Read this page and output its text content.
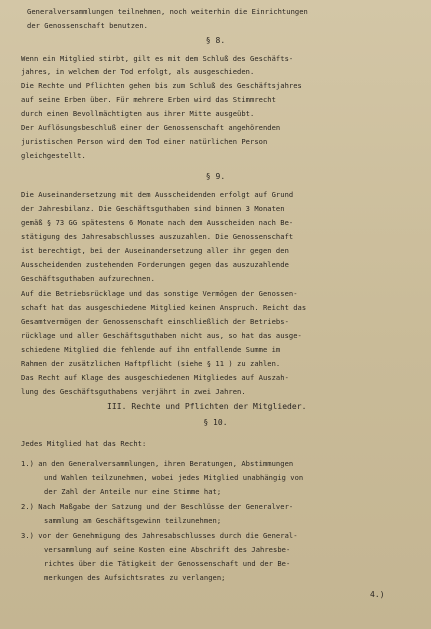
Generalversammlungen teilnehmen, noch weiterhin die Einrichtungen
der Genossenschaft benutzen.
§ 8.
Wenn ein Mitglied stirbt, gilt es mit dem Schluß des Geschäfts-
jahres, in welchem der Tod erfolgt, als ausgeschieden.
Die Rechte und Pflichten gehen bis zum Schluß des Geschäftsjahres
auf seine Erben über. Für mehrere Erben wird das Stimmrecht
durch einen Bevollmächtigten aus ihrer Mitte ausgeübt.
Der Auflösungsbeschluß einer der Genossenschaft angehörenden
juristischen Person wird dem Tod einer natürlichen Person
gleichgestellt.
§ 9.
Die Auseinandersetzung mit dem Ausscheidenden erfolgt auf Grund
der Jahresbilanz. Die Geschäftsguthaben sind binnen 3 Monaten
gemäß § 73 GG spätestens 6 Monate nach dem Ausscheiden nach Be-
stätigung des Jahresabschlusses auszuzahlen. Die Genossenschaft
ist berechtigt, bei der Auseinandersetzung aller ihr gegen den
Ausscheidenden zustehenden Forderungen gegen das auszuzahlende
Geschäftsguthaben aufzurechnen.
Auf die Betriebsrücklage und das sonstige Vermögen der Genossen-
schaft hat das ausgeschiedene Mitglied keinen Anspruch. Reicht das
Gesamtvermögen der Genossenschaft einschließlich der Betriebs-
rücklage und aller Geschäftsguthaben nicht aus, so hat das ausge-
schiedene Mitglied die fehlende auf ihn entfallende Summe im
Rahmen der zusätzlichen Haftpflicht (siehe § 11 ) zu zahlen.
Das Recht auf Klage des ausgeschiedenen Mitgliedes auf Auszah-
lung des Geschäftsguthabens verjährt in zwei Jahren.
III. Rechte und Pflichten der Mitglieder.
§ 10.
Jedes Mitglied hat das Recht:
1.) an den Generalversammlungen, ihren Beratungen, Abstimmungen
und Wahlen teilzunehmen, wobei jedes Mitglied unabhängig von
der Zahl der Anteile nur eine Stimme hat;
2.) Nach Maßgabe der Satzung und der Beschlüsse der Generalver-
sammlung am Geschäftsgewinn teilzunehmen;
3.) vor der Genehmigung des Jahresabschlusses durch die General-
versammlung auf seine Kosten eine Abschrift des Jahresbe-
richtes über die Tätigkeit der Genossenschaft und der Be-
merkungen des Aufsichtsrates zu verlangen;
4.)
